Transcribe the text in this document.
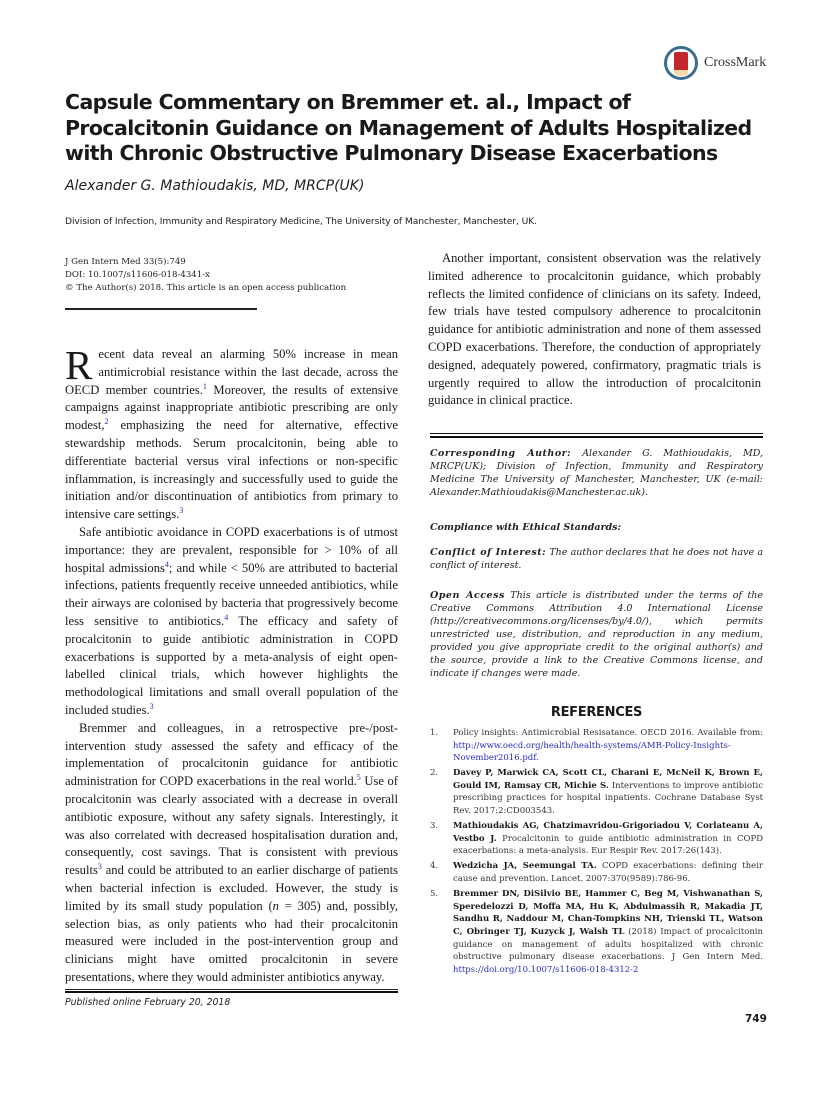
CrossMark
Capsule Commentary on Bremmer et. al., Impact of Procalcitonin Guidance on Management of Adults Hospitalized with Chronic Obstructive Pulmonary Disease Exacerbations
Alexander G. Mathioudakis, MD, MRCP(UK)
Division of Infection, Immunity and Respiratory Medicine, The University of Manchester, Manchester, UK.
J Gen Intern Med 33(5):749
DOI: 10.1007/s11606-018-4341-x
© The Author(s) 2018. This article is an open access publication

Recent data reveal an alarming 50% increase in mean antimicrobial resistance within the last decade, across the OECD member countries.$^1$ Moreover, the results of extensive campaigns against inappropriate antibiotic prescribing are only modest,$^2$ emphasizing the need for alternative, effective stewardship methods. Serum procalcitonin, being able to differentiate bacterial versus viral infections or non-specific inflammation, is increasingly and successfully used to guide the initiation and/or discontinuation of antibiotics from primary to intensive care settings.$^3$

Safe antibiotic avoidance in COPD exacerbations is of utmost importance: they are prevalent, responsible for > 10% of all hospital admissions$^4$; and while < 50% are attributed to bacterial infections, patients frequently receive unneeded antibiotics, while their airways are colonised by bacteria that progressively become less sensitive to antibiotics.$^4$ The efficacy and safety of procalcitonin to guide antibiotic administration in COPD exacerbations is supported by a meta-analysis of eight open-labelled clinical trials, which however highlights the methodological limitations and small overall population of the included studies.$^3$

Bremmer and colleagues, in a retrospective pre-/post-intervention study assessed the safety and efficacy of the implementation of procalcitonin guidance for antibiotic administration for COPD exacerbations in the real world.$^5$ Use of procalcitonin was clearly associated with a decrease in overall antibiotic exposure, without any safety signals. Interestingly, it was also correlated with decreased hospitalisation duration and, consequently, cost savings. That is consistent with previous results$^3$ and could be attributed to an earlier discharge of patients when bacterial infection is excluded. However, the study is limited by its small study population (n = 305) and, possibly, selection bias, as only patients who had their procalcitonin measured were included in the post-intervention group and clinicians might have omitted procalcitonin in severe presentations, where they would administer antibiotics anyway.

Published online February 20, 2018

Another important, consistent observation was the relatively limited adherence to procalcitonin guidance, which probably reflects the limited confidence of clinicians on its safety. Indeed, few trials have tested compulsory adherence to procalcitonin guidance for antibiotic administration and none of them assessed COPD exacerbations. Therefore, the conduction of appropriately designed, adequately powered, confirmatory, pragmatic trials is urgently required to allow the introduction of procalcitonin guidance in clinical practice.

Corresponding Author: Alexander G. Mathioudakis, MD, MRCP(UK); Division of Infection, Immunity and Respiratory Medicine The University of Manchester, Manchester, UK (e-mail: Alexander.Mathioudakis@Manchester.ac.uk).

Compliance with Ethical Standards:

Conflict of Interest: The author declares that he does not have a conflict of interest.

Open Access This article is distributed under the terms of the Creative Commons Attribution 4.0 International License (http://creativecommons.org/licenses/by/4.0/), which permits unrestricted use, distribution, and reproduction in any medium, provided you give appropriate credit to the original author(s) and the source, provide a link to the Creative Commons license, and indicate if changes were made.

REFERENCES
1. Policy insights: Antimicrobial Resisatance. OECD 2016. Available from: http://www.oecd.org/health/health-systems/AMR-Policy-Insights-November2016.pdf.
2. Davey P, Marwick CA, Scott CL, Charani E, McNeil K, Brown E, Gould IM, Ramsay CR, Michie S. Interventions to improve antibiotic prescribing practices for hospital inpatients. Cochrane Database Syst Rev. 2017:2:CD003543.
3. Mathioudakis AG, Chatzimavridou-Grigoriadou V, Corlateanu A, Vestbo J. Procalcitonin to guide antibiotic administration in COPD exacerbations: a meta-analysis. Eur Respir Rev. 2017:26(143).
4. Wedzicha JA, Seemungal TA. COPD exacerbations: defining their cause and prevention. Lancet. 2007:370(9589):786-96.
5. Bremmer DN, DiSilvio BE, Hammer C, Beg M, Vishwanathan S, Speredelozzi D, Moffa MA, Hu K, Abdulmassih R, Makadia JT, Sandhu R, Naddour M, Chan-Tompkins NH, Trienski TL, Watson C, Obringer TJ, Kuzyck J, Walsh TL (2018) Impact of procalcitonin guidance on management of adults hospitalized with chronic obstructive pulmonary disease exacerbations. J Gen Intern Med. https://doi.org/10.1007/s11606-018-4312-2
749
